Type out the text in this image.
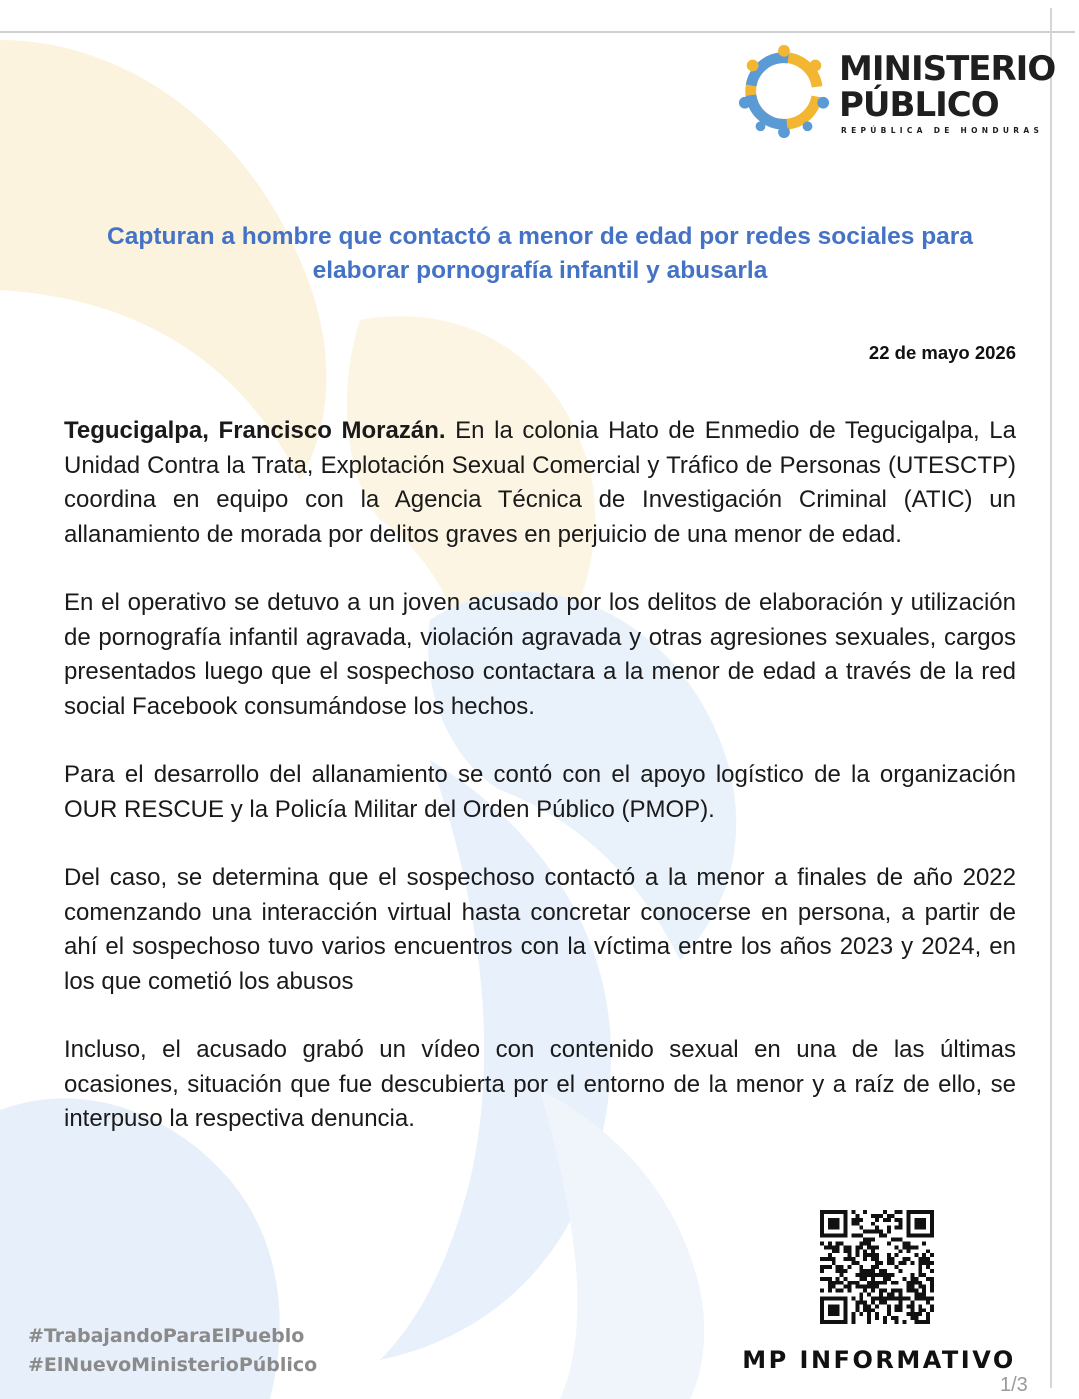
MINISTERIO
PÚBLICO
REPÚBLICA DE HONDURAS
Capturan a hombre que contactó a menor de edad por redes sociales para elaborar pornografía infantil y abusarla
22 de mayo 2026

Tegucigalpa, Francisco Morazán. En la colonia Hato de Enmedio de Tegucigalpa, La Unidad Contra la Trata, Explotación Sexual Comercial y Tráfico de Personas (UTESCTP) coordina en equipo con la Agencia Técnica de Investigación Criminal (ATIC) un allanamiento de morada por delitos graves en perjuicio de una menor de edad.

En el operativo se detuvo a un joven acusado por los delitos de elaboración y utilización de pornografía infantil agravada, violación agravada y otras agresiones sexuales, cargos presentados luego que el sospechoso contactara a la menor de edad a través de la red social Facebook consumándose los hechos.

Para el desarrollo del allanamiento se contó con el apoyo logístico de la organización OUR RESCUE y la Policía Militar del Orden Público (PMOP).

Del caso, se determina que el sospechoso contactó a la menor a finales de año 2022 comenzando una interacción virtual hasta concretar conocerse en persona, a partir de ahí el sospechoso tuvo varios encuentros con la víctima entre los años 2023 y 2024, en los que cometió los abusos

Incluso, el acusado grabó un vídeo con contenido sexual en una de las últimas ocasiones, situación que fue descubierta por el entorno de la menor y a raíz de ello, se interpuso la respectiva denuncia.

#TrabajandoParaElPueblo
#ElNuevoMinisterioPúblico	MP INFORMATIVO
1/3
